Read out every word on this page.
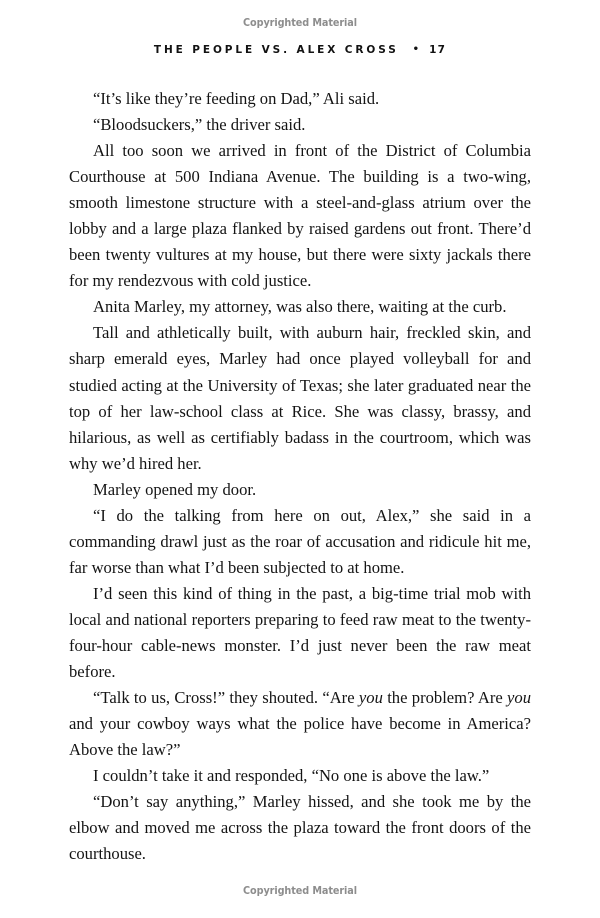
Copyrighted Material
THE PEOPLE VS. ALEX CROSS • 17

“It’s like they’re feeding on Dad,” Ali said.

“Bloodsuckers,” the driver said.

All too soon we arrived in front of the District of Columbia Courthouse at 500 Indiana Avenue. The building is a two-wing, smooth limestone structure with a steel-and-glass atrium over the lobby and a large plaza flanked by raised gardens out front. There’d been twenty vultures at my house, but there were sixty jackals there for my rendezvous with cold justice.

Anita Marley, my attorney, was also there, waiting at the curb.

Tall and athletically built, with auburn hair, freckled skin, and sharp emerald eyes, Marley had once played volleyball for and studied acting at the University of Texas; she later graduated near the top of her law-school class at Rice. She was classy, brassy, and hilarious, as well as certifiably badass in the courtroom, which was why we’d hired her.

Marley opened my door.

“I do the talking from here on out, Alex,” she said in a commanding drawl just as the roar of accusation and ridicule hit me, far worse than what I’d been subjected to at home.

I’d seen this kind of thing in the past, a big-time trial mob with local and national reporters preparing to feed raw meat to the twenty-four-hour cable-news monster. I’d just never been the raw meat before.

“Talk to us, Cross!” they shouted. “Are you the problem? Are you and your cowboy ways what the police have become in America? Above the law?”

I couldn’t take it and responded, “No one is above the law.”

“Don’t say anything,” Marley hissed, and she took me by the elbow and moved me across the plaza toward the front doors of the courthouse.

Copyrighted Material
